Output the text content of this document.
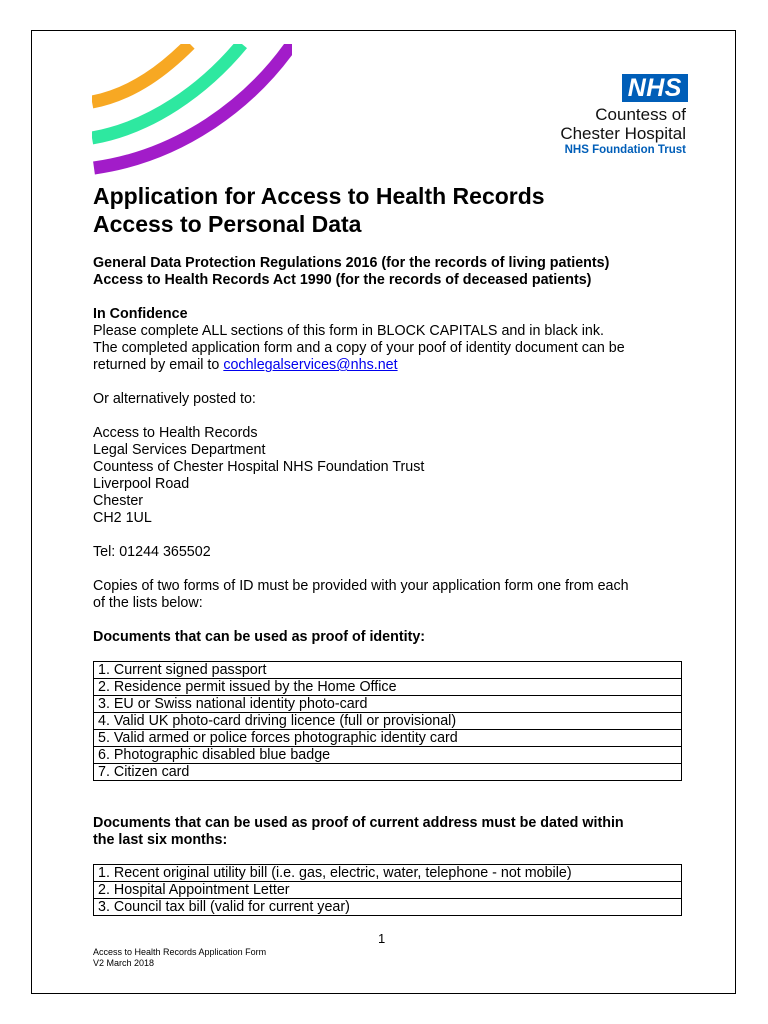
NHS
Countess of
Chester Hospital
NHS Foundation Trust
Application for Access to Health Records
Access to Personal Data

General Data Protection Regulations 2016 (for the records of living patients)

Access to Health Records Act 1990 (for the records of deceased patients)

In Confidence

Please complete ALL sections of this form in BLOCK CAPITALS and in black ink.

The completed application form and a copy of your poof of identity document can be

returned by email to cochlegalservices@nhs.net

Or alternatively posted to:

Access to Health Records

Legal Services Department

Countess of Chester Hospital NHS Foundation Trust

Liverpool Road

Chester

CH2 1UL

Tel: 01244 365502

Copies of two forms of ID must be provided with your application form one from each

of the lists below:

Documents that can be used as proof of identity:

1. Current signed passport
2. Residence permit issued by the Home Office
3. EU or Swiss national identity photo-card
4. Valid UK photo-card driving licence (full or provisional)
5. Valid armed or police forces photographic identity card
6. Photographic disabled blue badge
7. Citizen card

Documents that can be used as proof of current address must be dated within

the last six months:

1. Recent original utility bill (i.e. gas, electric, water, telephone - not mobile)
2. Hospital Appointment Letter
3. Council tax bill (valid for current year)
1
Access to Health Records Application Form
V2 March 2018
